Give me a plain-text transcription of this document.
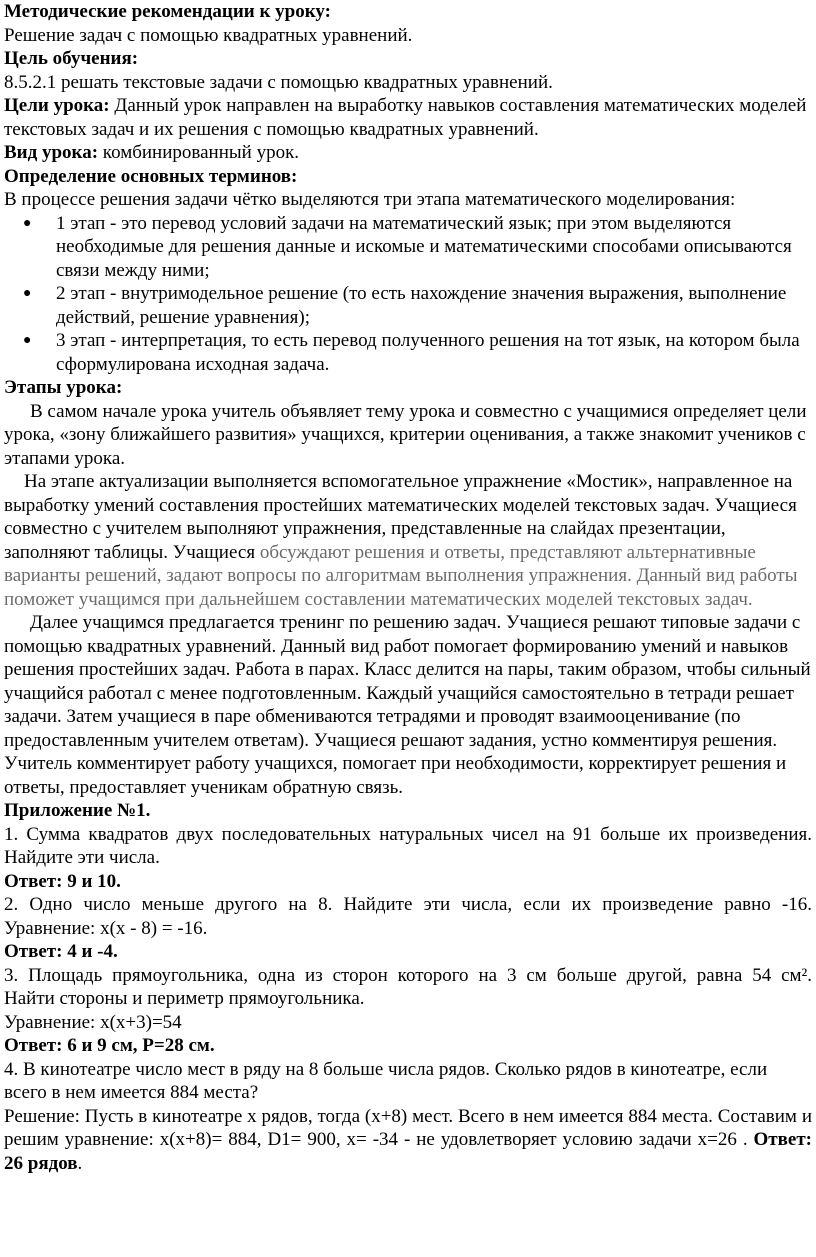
Методические рекомендации к уроку:

Решение задач с помощью квадратных уравнений.

Цель обучения:

8.5.2.1 решать текстовые задачи с помощью квадратных уравнений.

Цели урока: Данный урок направлен на выработку навыков составления математических моделей текстовых задач и их решения с помощью квадратных уравнений.

Вид урока: комбинированный урок.

Определение основных терминов:

В процессе решения задачи чётко выделяются три этапа математического моделирования:

● 1 этап - это перевод условий задачи на математический язык; при этом выделяются необходимые для решения данные и искомые и математическими способами описываются связи между ними;
● 2 этап - внутримодельное решение (то есть нахождение значения выражения, выполнение действий, решение уравнения);
● 3 этап - интерпретация, то есть перевод полученного решения на тот язык, на котором была сформулирована исходная задача.

Этапы урока:

В самом начале урока учитель объявляет тему урока и совместно с учащимися определяет цели урока, «зону ближайшего развития» учащихся, критерии оценивания, а также знакомит учеников с этапами урока.

На этапе актуализации выполняется вспомогательное упражнение «Мостик», направленное на выработку умений составления простейших математических моделей текстовых задач. Учащиеся совместно с учителем выполняют упражнения, представленные на слайдах презентации, заполняют таблицы. Учащиеся обсуждают решения и ответы, представляют альтернативные варианты решений, задают вопросы по алгоритмам выполнения упражнения. Данный вид работы поможет учащимся при дальнейшем составлении математических моделей текстовых задач.

Далее учащимся предлагается тренинг по решению задач. Учащиеся решают типовые задачи с помощью квадратных уравнений. Данный вид работ помогает формированию умений и навыков решения простейших задач. Работа в парах. Класс делится на пары, таким образом, чтобы сильный учащийся работал с менее подготовленным. Каждый учащийся самостоятельно в тетради решает задачи. Затем учащиеся в паре обмениваются тетрадями и проводят взаимооценивание (по предоставленным учителем ответам). Учащиеся решают задания, устно комментируя решения. Учитель комментирует работу учащихся, помогает при необходимости, корректирует решения и ответы, предоставляет ученикам обратную связь.

Приложение №1.

1. Сумма квадратов двух последовательных натуральных чисел на 91 больше их произведения. Найдите эти числа.

Ответ: 9 и 10.

2. Одно число меньше другого на 8. Найдите эти числа, если их произведение равно -16.

Уравнение: х(х - 8) = -16.

Ответ: 4 и -4.

3. Площадь прямоугольника, одна из сторон которого на 3 см больше другой, равна 54 см².

Найти стороны и периметр прямоугольника.

Уравнение: х(х+3)=54

Ответ: 6 и 9 см, Р=28 см.

4. В кинотеатре число мест в ряду на 8 больше числа рядов. Сколько рядов в кинотеатре, если всего в нем имеется 884 места?

Решение: Пусть в кинотеатре х рядов, тогда (х+8) мест. Всего в нем имеется 884 места. Составим и решим уравнение: х(х+8)= 884, D1= 900, х= -34 - не удовлетворяет условию задачи х=26 . Ответ: 26 рядов.
